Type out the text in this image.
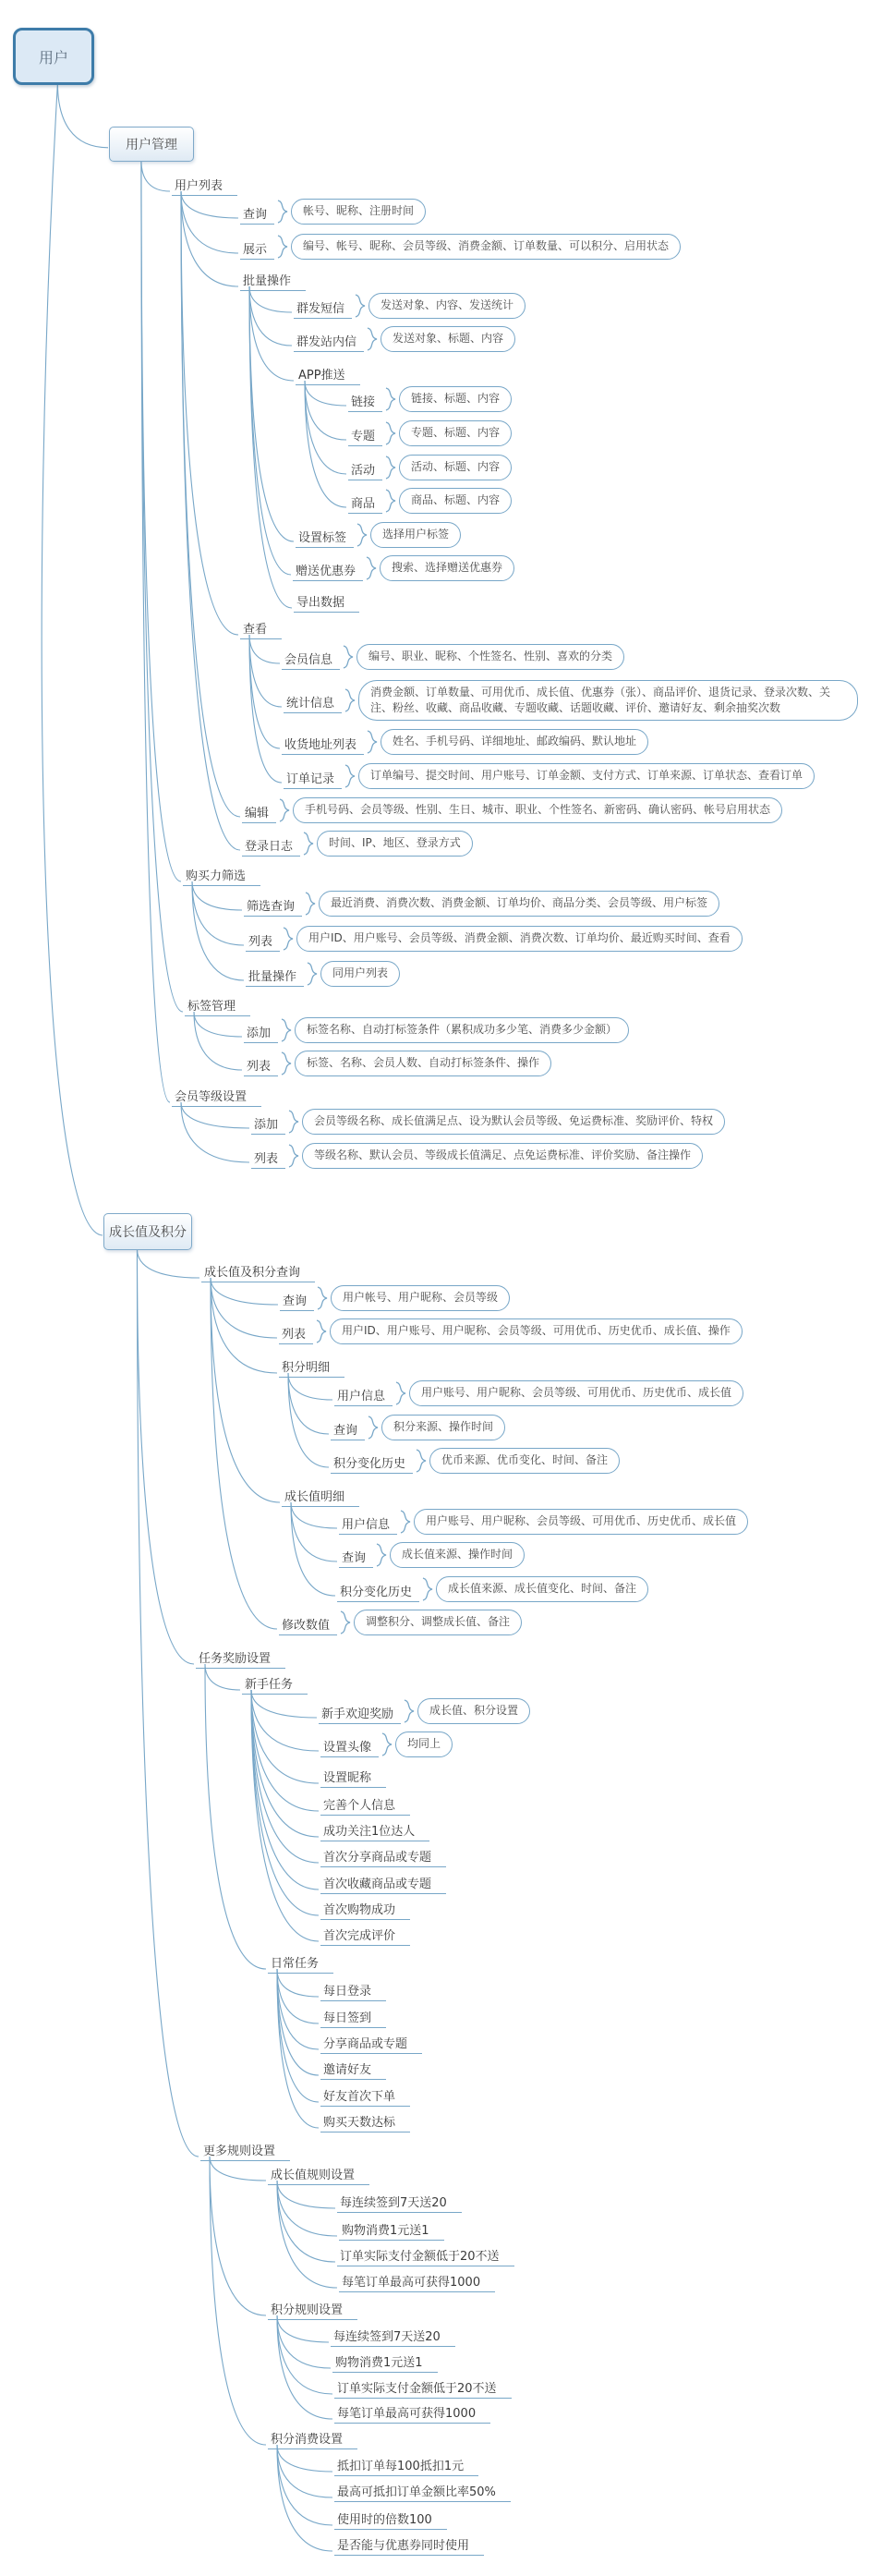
用户
用户管理
用户列表
查询	帐号、昵称、注册时间
展示	编号、帐号、昵称、会员等级、消费金额、订单数量、可以积分、启用状态
批量操作
群发短信	发送对象、内容、发送统计
群发站内信	发送对象、标题、内容
APP推送
链接	链接、标题、内容
专题	专题、标题、内容
活动	活动、标题、内容
商品	商品、标题、内容
设置标签	选择用户标签
赠送优惠券	搜索、选择赠送优惠券
导出数据
查看
会员信息	编号、职业、昵称、个性签名、性别、喜欢的分类
统计信息
消费金额、订单数量、可用优币、成长值、优惠券（张）、商品评价、退货记录、登录次数、关注、粉丝、收藏、商品收藏、专题收藏、话题收藏、评价、邀请好友、剩余抽奖次数
收货地址列表	姓名、手机号码、详细地址、邮政编码、默认地址
订单记录	订单编号、提交时间、用户账号、订单金额、支付方式、订单来源、订单状态、查看订单
编辑	手机号码、会员等级、性别、生日、城市、职业、个性签名、新密码、确认密码、帐号启用状态
登录日志	时间、IP、地区、登录方式
购买力筛选
筛选查询	最近消费、消费次数、消费金额、订单均价、商品分类、会员等级、用户标签
列表	用户ID、用户账号、会员等级、消费金额、消费次数、订单均价、最近购买时间、查看
批量操作	同用户列表
标签管理
添加	标签名称、自动打标签条件（累积成功多少笔、消费多少金额）
列表	标签、名称、会员人数、自动打标签条件、操作
会员等级设置
添加	会员等级名称、成长值满足点、设为默认会员等级、免运费标准、奖励评价、特权
列表	等级名称、默认会员、等级成长值满足、点免运费标准、评价奖励、备注操作
成长值及积分
成长值及积分查询
查询	用户帐号、用户昵称、会员等级
列表	用户ID、用户账号、用户昵称、会员等级、可用优币、历史优币、成长值、操作
积分明细
用户信息	用户账号、用户昵称、会员等级、可用优币、历史优币、成长值
查询	积分来源、操作时间
积分变化历史	优币来源、优币变化、时间、备注
成长值明细
用户信息	用户账号、用户昵称、会员等级、可用优币、历史优币、成长值
查询	成长值来源、操作时间
积分变化历史	成长值来源、成长值变化、时间、备注
修改数值	调整积分、调整成长值、备注
任务奖励设置
新手任务
新手欢迎奖励	成长值、积分设置
设置头像	均同上
设置昵称
完善个人信息
成功关注1位达人
首次分享商品或专题
首次收藏商品或专题
首次购物成功
首次完成评价
日常任务
每日登录
每日签到
分享商品或专题
邀请好友
好友首次下单
购买天数达标
更多规则设置
成长值规则设置
每连续签到7天送20
购物消费1元送1
订单实际支付金额低于20不送
每笔订单最高可获得1000
积分规则设置
每连续签到7天送20
购物消费1元送1
订单实际支付金额低于20不送
每笔订单最高可获得1000
积分消费设置
抵扣订单每100抵扣1元
最高可抵扣订单金额比率50%
使用时的倍数100
是否能与优惠券同时使用
